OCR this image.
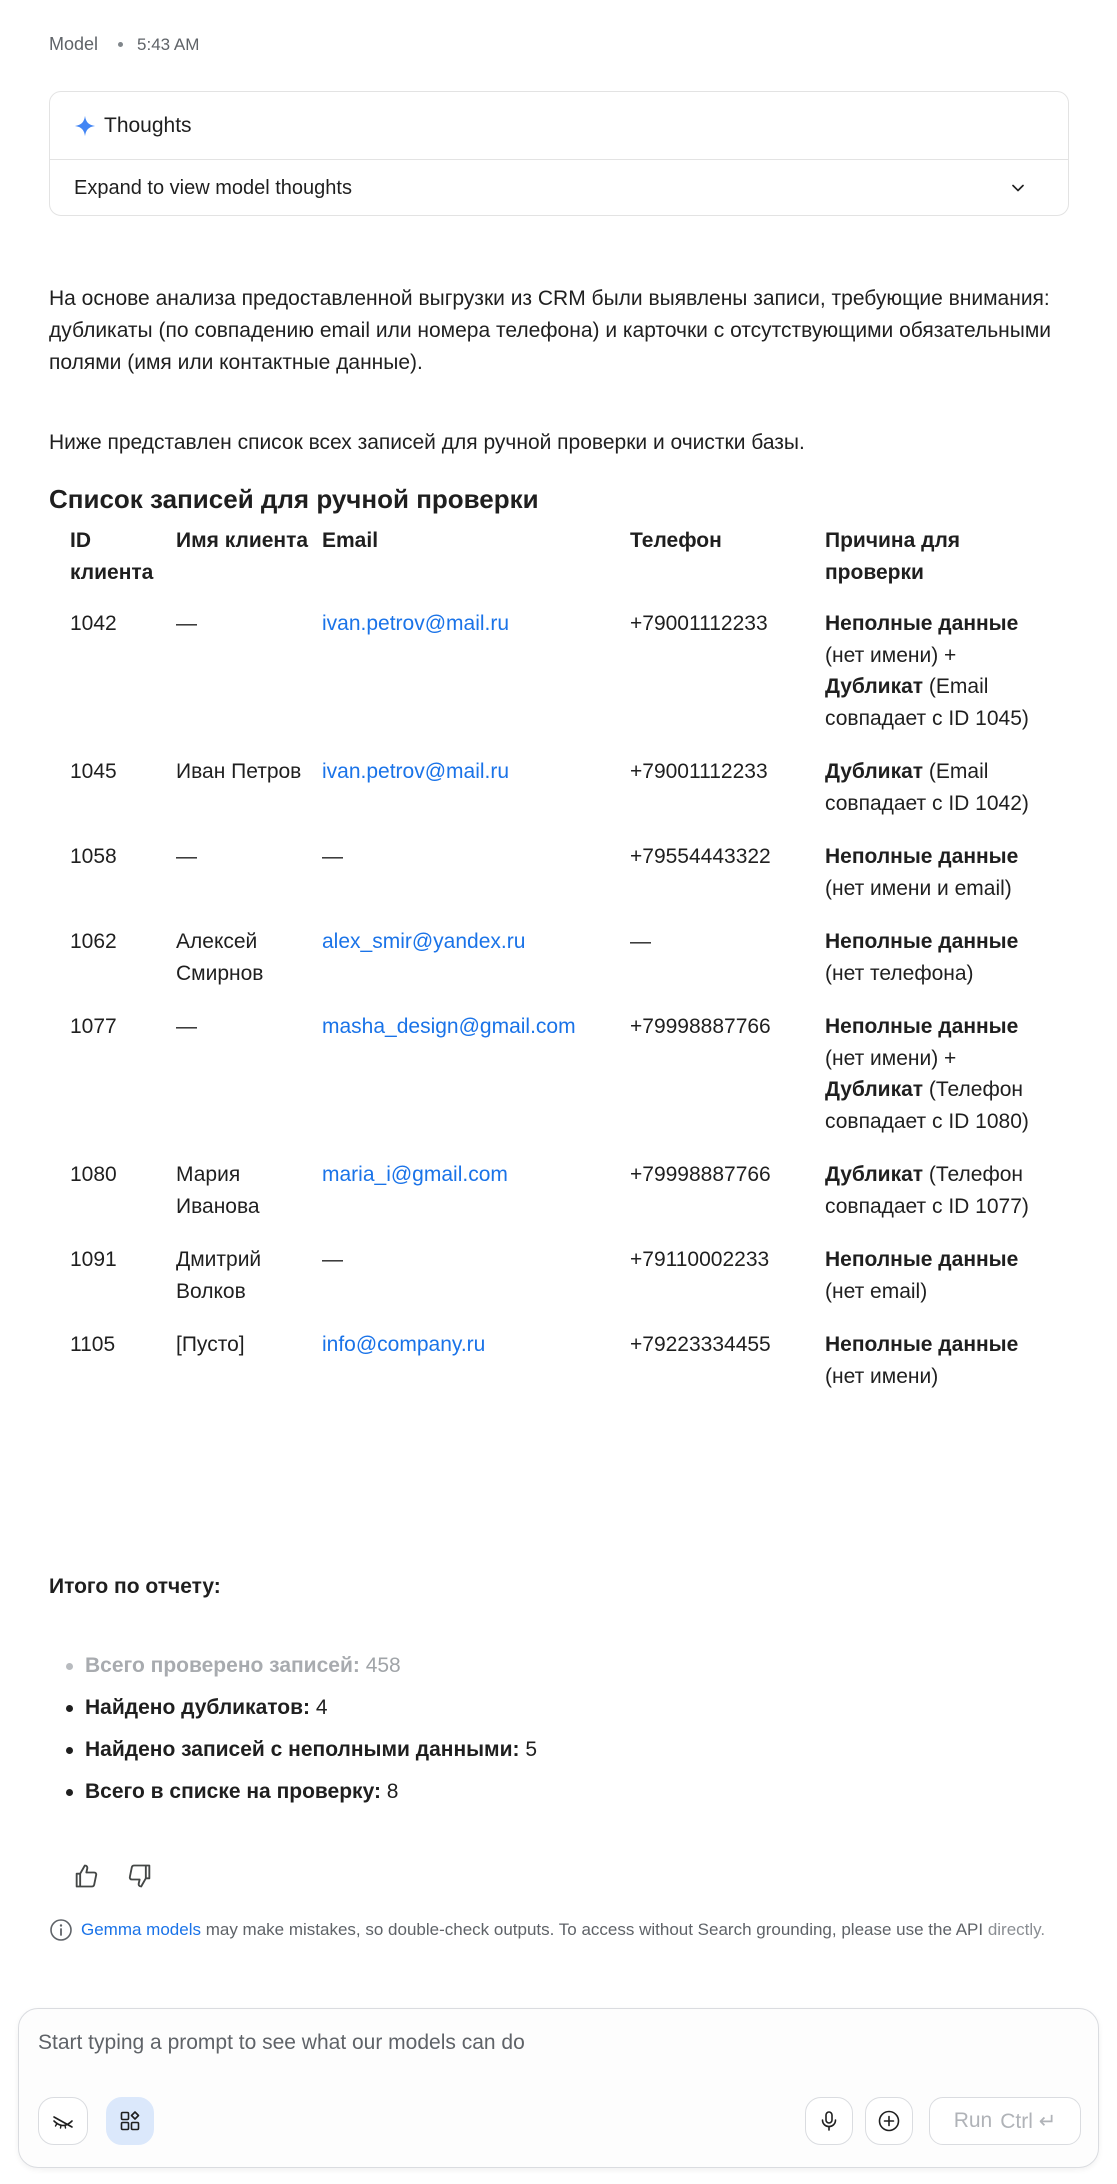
Model 5:43 AM
Thoughts
Expand to view model thoughts

На основе анализа предоставленной выгрузки из CRM были выявлены записи, требующие внимания: дубликаты (по совпадению email или номера телефона) и карточки с отсутствующими обязательными полями (имя или контактные данные).

Ниже представлен список всех записей для ручной проверки и очистки базы.

Список записей для ручной проверки
ID клиента	Имя клиента	Email	Телефон	Причина для проверки
1042	—	ivan.petrov@mail.ru	+79001112233	Неполные данные (нет имени) + Дубликат (Email совпадает с ID 1045)
1045	Иван Петров	ivan.petrov@mail.ru	+79001112233	Дубликат (Email совпадает с ID 1042)
1058	—	—	+79554443322	Неполные данные (нет имени и email)
1062	Алексей Смирнов	alex_smir@yandex.ru	—	Неполные данные (нет телефона)
1077	—	masha_design@gmail.com	+79998887766	Неполные данные (нет имени) + Дубликат (Телефон совпадает с ID 1080)
1080	Мария Иванова	maria_i@gmail.com	+79998887766	Дубликат (Телефон совпадает с ID 1077)
1091	Дмитрий Волков	—	+79110002233	Неполные данные (нет email)
1105	[Пусто]	info@company.ru	+79223334455	Неполные данные (нет имени)
Итого по отчету:
Всего проверено записей: 458
Найдено дубликатов: 4
Найдено записей с неполными данными: 5
Всего в списке на проверку: 8
Gemma models may make mistakes, so double-check outputs. To access without Search grounding, please use the API directly.
Start typing a prompt to see what our models can do
Run Ctrl ↵
